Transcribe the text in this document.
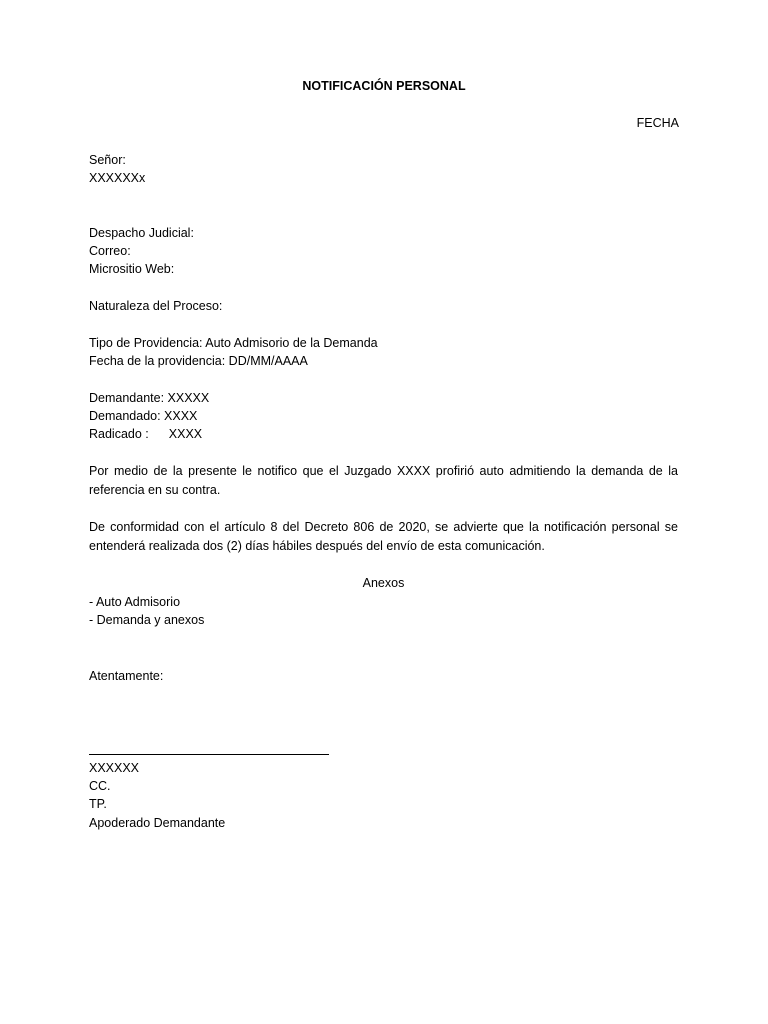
NOTIFICACIÓN PERSONAL
FECHA
Señor:
XXXXXXx
Despacho Judicial:
Correo:
Micrositio Web:
Naturaleza del Proceso:
Tipo de Providencia: Auto Admisorio de la Demanda
Fecha de la providencia: DD/MM/AAAA
Demandante: XXXXX
Demandado: XXXX
Radicado : XXXX
Por medio de la presente le notifico que el Juzgado XXXX profirió auto admitiendo la demanda de la referencia en su contra.
De conformidad con el artículo 8 del Decreto 806 de 2020, se advierte que la notificación personal se entenderá realizada dos (2) días hábiles después del envío de esta comunicación.
Anexos
- Auto Admisorio
- Demanda y anexos
Atentamente:
XXXXXX
CC.
TP.
Apoderado Demandante
